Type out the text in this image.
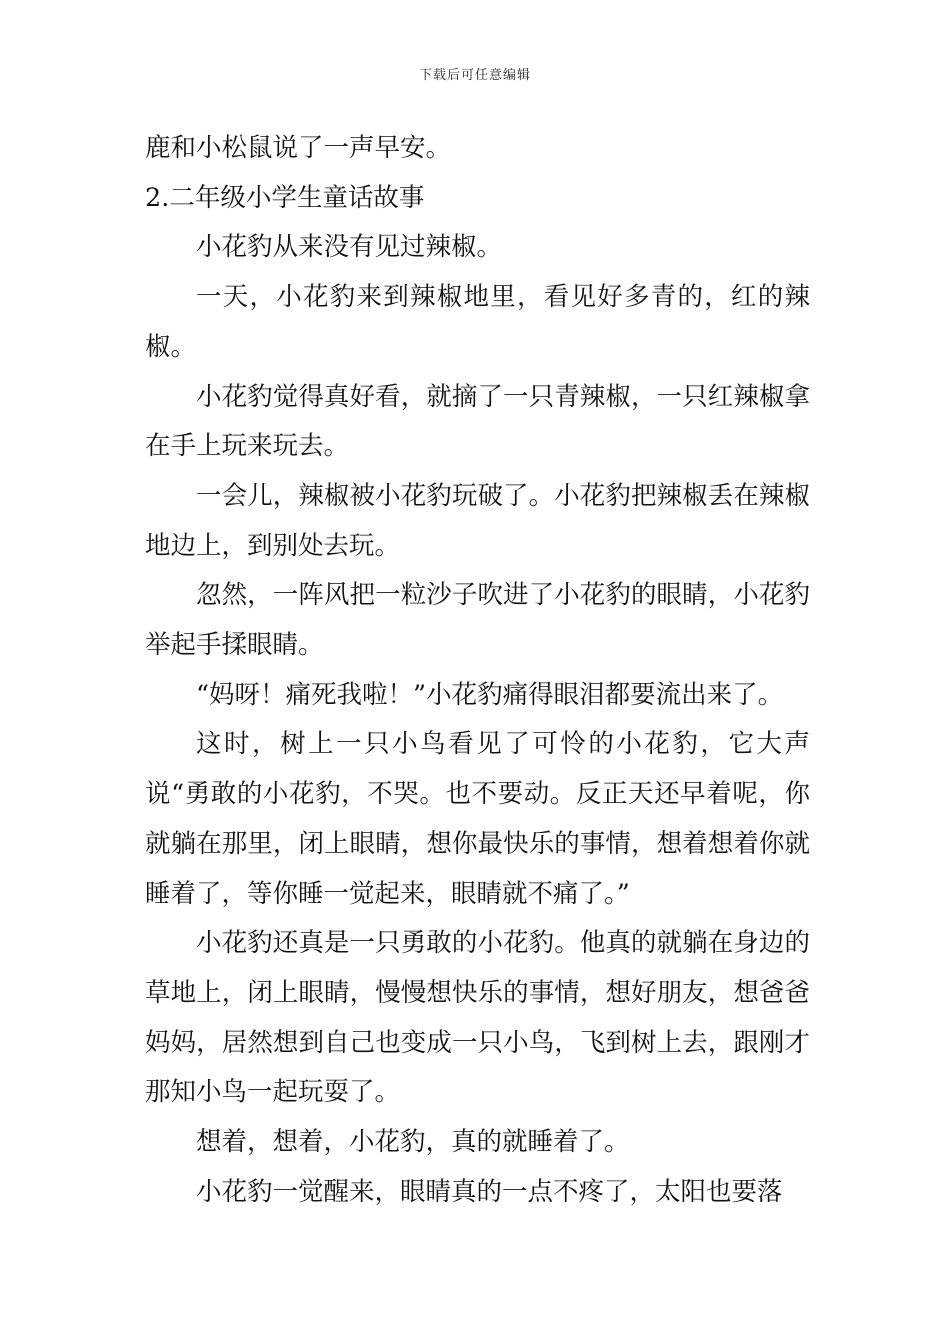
下载后可任意编辑

鹿和小松鼠说了一声早安。

2.二年级小学生童话故事

小花豹从来没有见过辣椒。

一天，小花豹来到辣椒地里，看见好多青的，红的辣椒。

小花豹觉得真好看，就摘了一只青辣椒，一只红辣椒拿在手上玩来玩去。

一会儿，辣椒被小花豹玩破了。小花豹把辣椒丢在辣椒地边上，到别处去玩。

忽然，一阵风把一粒沙子吹进了小花豹的眼睛，小花豹举起手揉眼睛。

“妈呀！痛死我啦！”小花豹痛得眼泪都要流出来了。

这时，树上一只小鸟看见了可怜的小花豹，它大声说“勇敢的小花豹，不哭。也不要动。反正天还早着呢，你就躺在那里，闭上眼睛，想你最快乐的事情，想着想着你就睡着了，等你睡一觉起来，眼睛就不痛了。”

小花豹还真是一只勇敢的小花豹。他真的就躺在身边的草地上，闭上眼睛，慢慢想快乐的事情，想好朋友，想爸爸妈妈，居然想到自己也变成一只小鸟，飞到树上去，跟刚才那知小鸟一起玩耍了。

想着，想着，小花豹，真的就睡着了。

小花豹一觉醒来，眼睛真的一点不疼了，太阳也要落
